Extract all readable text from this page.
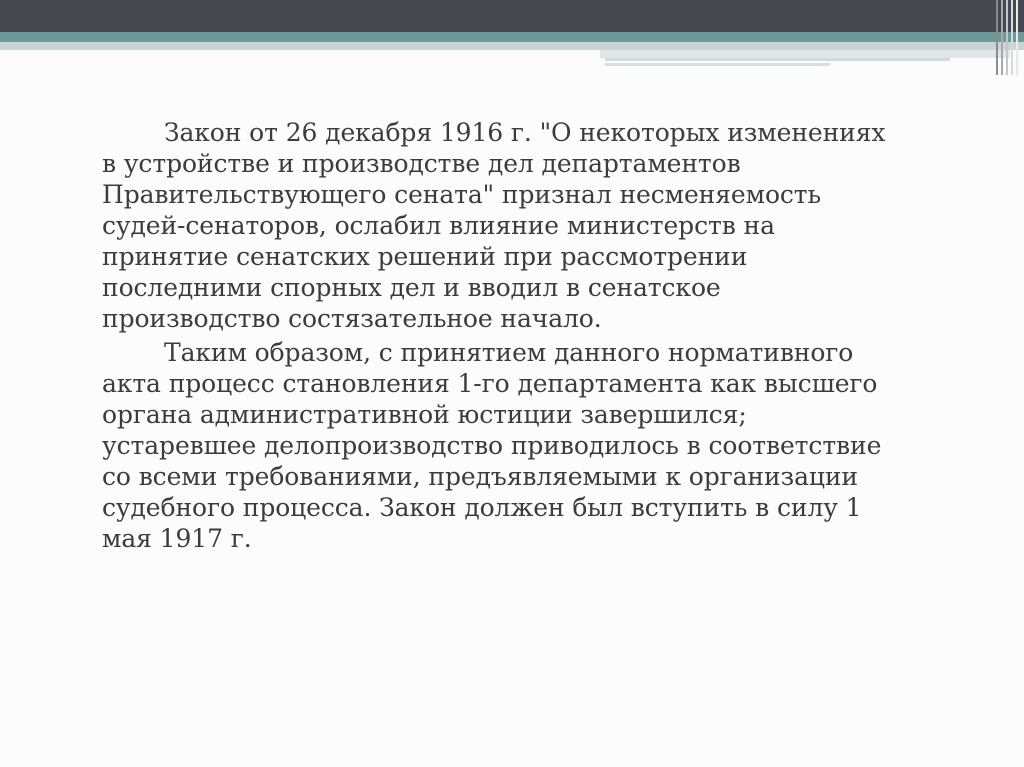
Закон от 26 декабря 1916 г. "О некоторых изменениях
в устройстве и производстве дел департаментов
Правительствующего сената" признал несменяемость
судей-сенаторов, ослабил влияние министерств на
принятие сенатских решений при рассмотрении
последними спорных дел и вводил в сенатское
производство состязательное начало.

Таким образом, с принятием данного нормативного
акта процесс становления 1-го департамента как высшего
органа административной юстиции завершился;
устаревшее делопроизводство приводилось в соответствие
со всеми требованиями, предъявляемыми к организации
судебного процесса. Закон должен был вступить в силу 1
мая 1917 г.
